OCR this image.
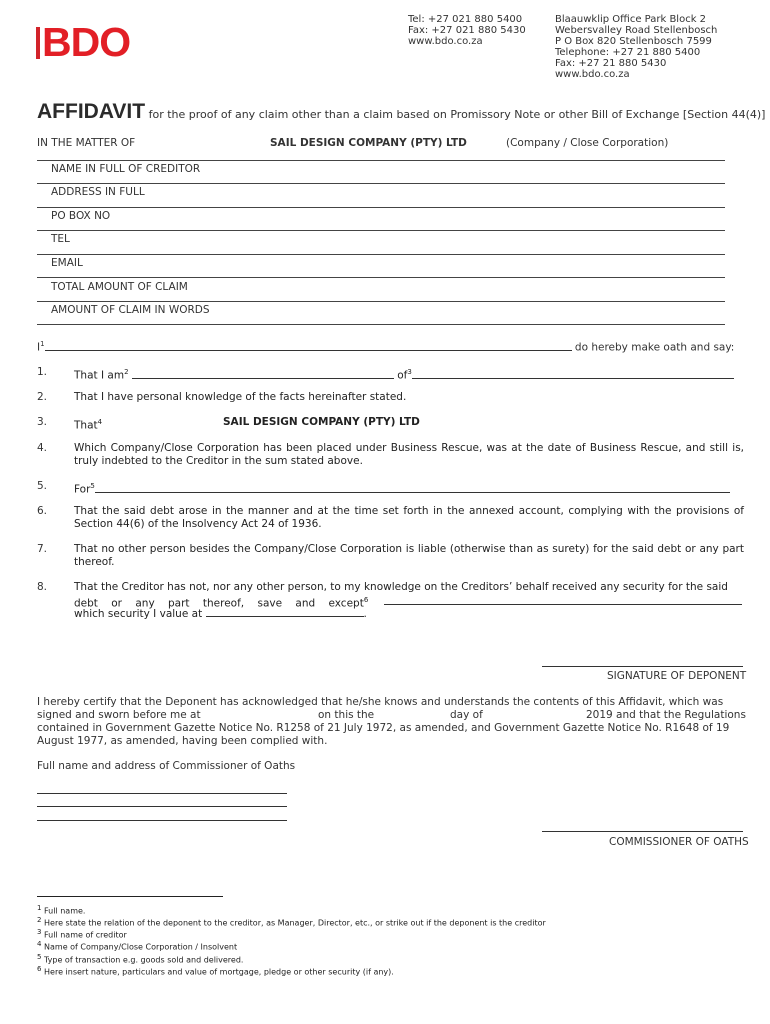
BDO	Tel: +27 021 880 5400
Fax: +27 021 880 5430
www.bdo.co.za
Blaauwklip Office Park Block 2
Webersvalley Road Stellenbosch
P O Box 820 Stellenbosch 7599
Telephone: +27 21 880 5400
Fax: +27 21 880 5430
www.bdo.co.za
AFFIDAVIT for the proof of any claim other than a claim based on Promissory Note or other Bill of Exchange [Section 44(4)]
IN THE MATTER OF	SAIL DESIGN COMPANY (PTY) LTD	(Company / Close Corporation)
NAME IN FULL OF CREDITOR
ADDRESS IN FULL
PO BOX NO
TEL
EMAIL
TOTAL AMOUNT OF CLAIM
AMOUNT OF CLAIM IN WORDS
$I^1$	do hereby make oath and say:
1.	That I $am^2$	$of^3$
2.	That I have personal knowledge of the facts hereinafter stated.
3.	That$^4$	SAIL DESIGN COMPANY (PTY) LTD
4.	Which Company/Close Corporation has been placed under Business Rescue, was at the date of Business Rescue, and still is, truly indebted to the Creditor in the sum stated above.
5.	For$^5$
6.	That the said debt arose in the manner and at the time set forth in the annexed account, complying with the provisions of Section 44(6) of the Insolvency Act 24 of 1936.
7.	That no other person besides the Company/Close Corporation is liable (otherwise than as surety) for the said debt or any part thereof.
8.	That the Creditor has not, nor any other person, to my knowledge on the Creditors’ behalf received any security for the said
debt    or    any    part    thereof,    save    and    except$^6$
which security I value at	.
SIGNATURE OF DEPONENT
I hereby certify that the Deponent has acknowledged that he/she knows and understands the contents of this Affidavit, which was
signed and sworn before me at	on this the	day of	2019 and that the Regulations
contained in Government Gazette Notice No. R1258 of 21 July 1972, as amended, and Government Gazette Notice No. R1648 of 19
August 1977, as amended, having been complied with.
Full name and address of Commissioner of Oaths
COMMISSIONER OF OATHS
$^1$ Full name.
$^2$ Here state the relation of the deponent to the creditor, as Manager, Director, etc., or strike out if the deponent is the creditor
$^3$ Full name of creditor
$^4$ Name of Company/Close Corporation / Insolvent
$^5$ Type of transaction e.g. goods sold and delivered.
$^6$ Here insert nature, particulars and value of mortgage, pledge or other security (if any).
